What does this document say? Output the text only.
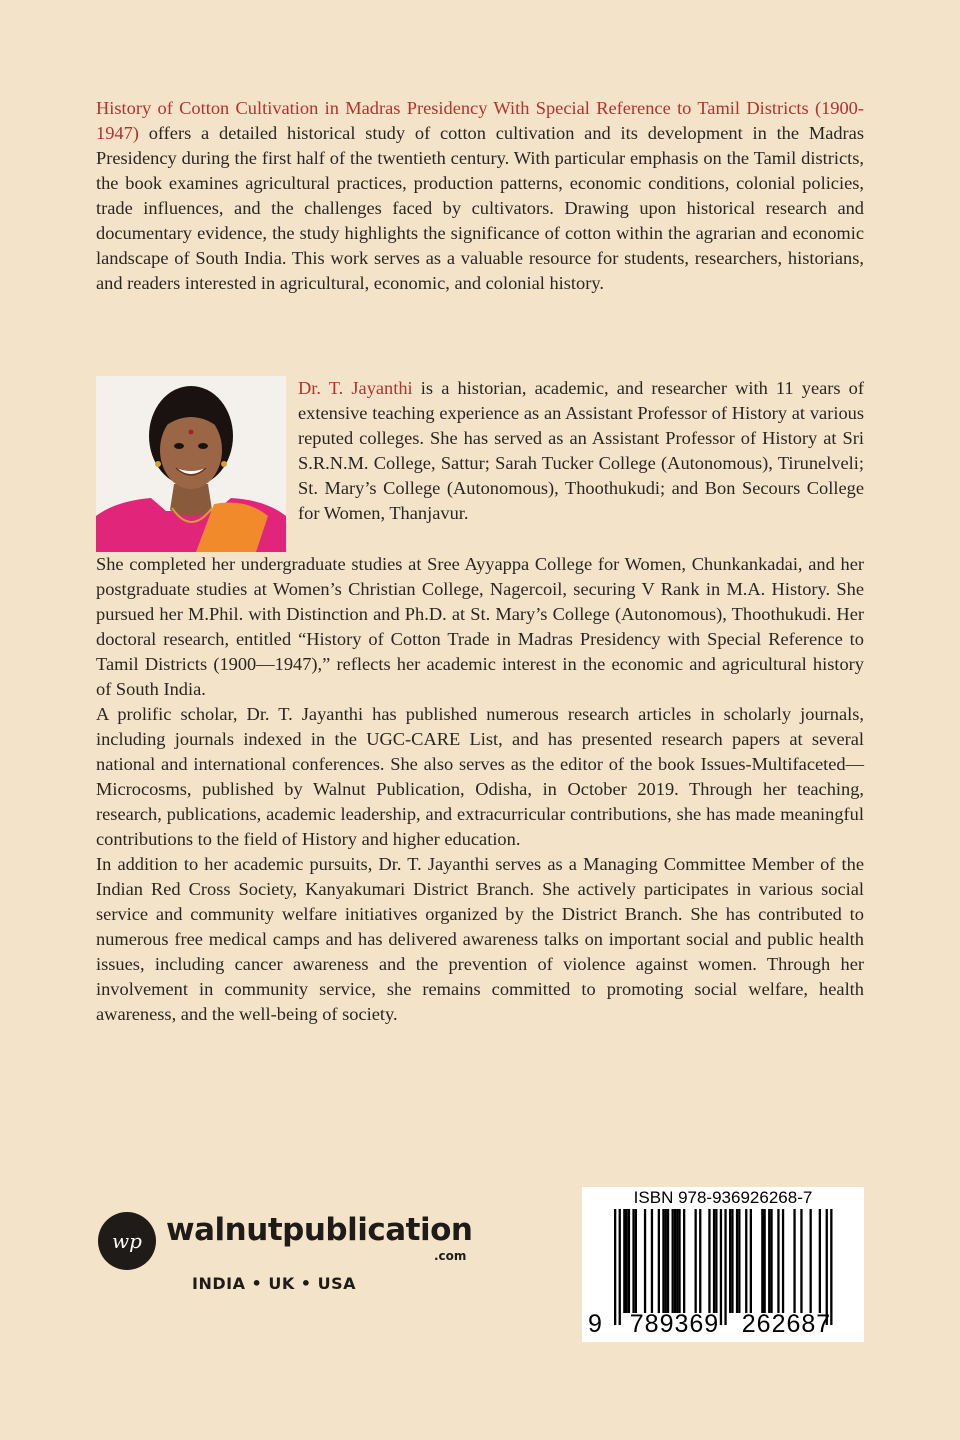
History of Cotton Cultivation in Madras Presidency With Special Reference to Tamil Districts (1900-1947) offers a detailed historical study of cotton cultivation and its development in the Madras Presidency during the first half of the twentieth century. With particular emphasis on the Tamil districts, the book examines agricultural practices, production patterns, economic conditions, colonial policies, trade influences, and the challenges faced by cultivators. Drawing upon historical research and documentary evidence, the study highlights the significance of cotton within the agrarian and economic landscape of South India. This work serves as a valuable resource for students, researchers, historians, and readers interested in agricultural, economic, and colonial history.
Dr. T. Jayanthi is a historian, academic, and researcher with 11 years of extensive teaching experience as an Assistant Professor of History at various reputed colleges. She has served as an Assistant Professor of History at Sri S.R.N.M. College, Sattur; Sarah Tucker College (Autonomous), Tirunelveli; St. Mary’s College (Autonomous), Thoothukudi; and Bon Secours College for Women, Thanjavur.

She completed her undergraduate studies at Sree Ayyappa College for Women, Chunkankadai, and her postgraduate studies at Women’s Christian College, Nagercoil, securing V Rank in M.A. History. She pursued her M.Phil. with Distinction and Ph.D. at St. Mary’s College (Autonomous), Thoothukudi. Her doctoral research, entitled “History of Cotton Trade in Madras Presidency with Special Reference to Tamil Districts (1900—1947),” reflects her academic interest in the economic and agricultural history of South India.

A prolific scholar, Dr. T. Jayanthi has published numerous research articles in scholarly journals, including journals indexed in the UGC-CARE List, and has presented research papers at several national and international conferences. She also serves as the editor of the book Issues-Multifaceted—Microcosms, published by Walnut Publication, Odisha, in October 2019. Through her teaching, research, publications, academic leadership, and extracurricular contributions, she has made meaningful contributions to the field of History and higher education.

In addition to her academic pursuits, Dr. T. Jayanthi serves as a Managing Committee Member of the Indian Red Cross Society, Kanyakumari District Branch. She actively participates in various social service and community welfare initiatives organized by the District Branch. She has contributed to numerous free medical camps and has delivered awareness talks on important social and public health issues, including cancer awareness and the prevention of violence against women. Through her involvement in community service, she remains committed to promoting social welfare, health awareness, and the well-being of society.

wp walnutpublication
.com
INDIA • UK • USA
ISBN 978-936926268-7
9 789369 262687
